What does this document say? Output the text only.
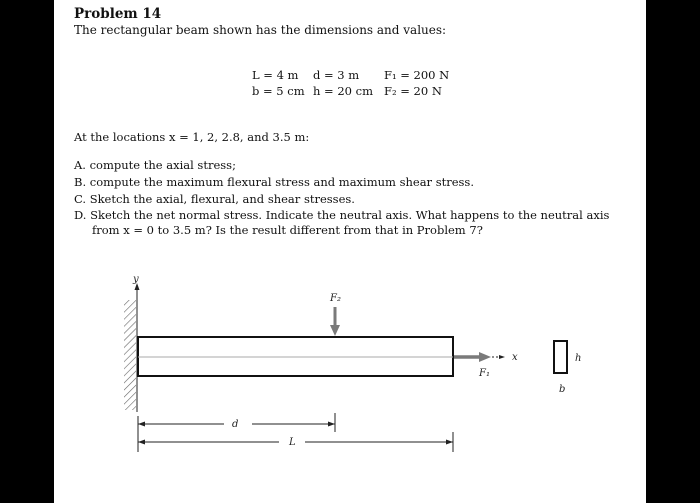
Problem 14
The rectangular beam shown has the dimensions and values:
L = 4 m d = 3 m F₁ = 200 N
b = 5 cm h = 20 cm F₂ = 20 N
At the locations x = 1, 2, 2.8, and 3.5 m:
A. compute the axial stress;
B. compute the maximum flexural stress and maximum shear stress.
C. Sketch the axial, flexural, and shear stresses.
D. Sketch the net normal stress. Indicate the neutral axis. What happens to the neutral axis
from x = 0 to 3.5 m? Is the result different from that in Problem 7?
y
F₂
F₁
x	h
b
d
L
